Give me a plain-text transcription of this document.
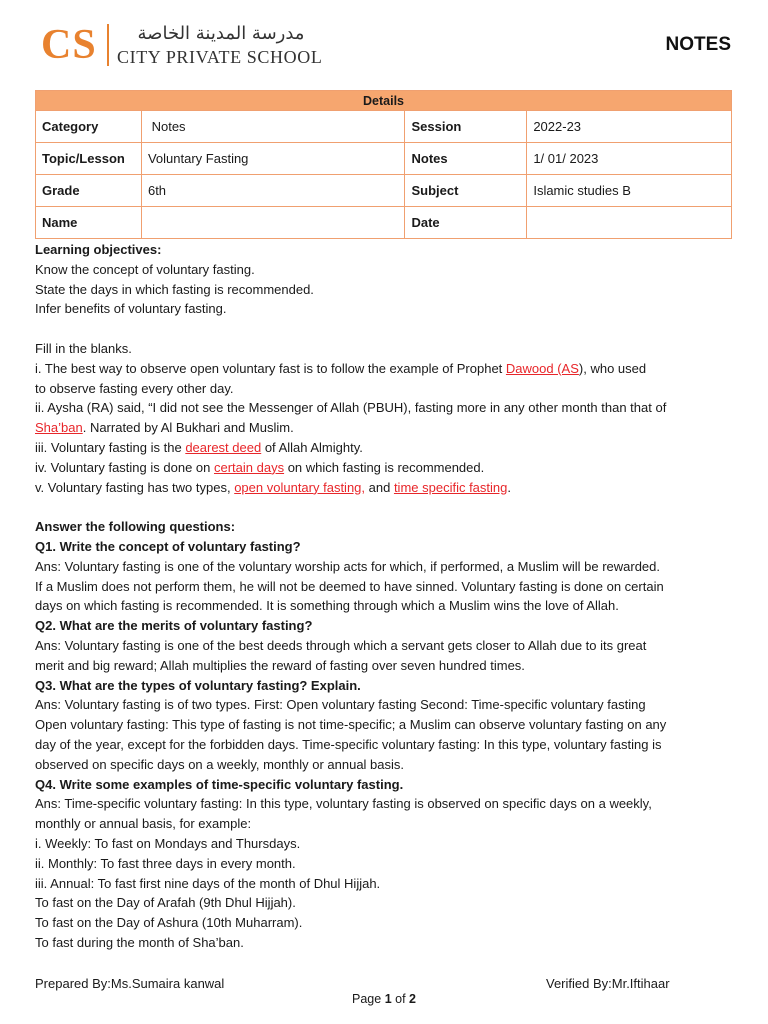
CS	مدرسة المدينة الخاصة
CITY PRIVATE SCHOOL
NOTES
Details			
Category	Notes	Session	2022-23
Topic/Lesson	Voluntary Fasting	Notes	1/ 01/ 2023
Grade	6th	Subject	Islamic studies B
Name		Date	

Learning objectives:

Know the concept of voluntary fasting.

State the days in which fasting is recommended.

Infer benefits of voluntary fasting.

Fill in the blanks.

i. The best way to observe open voluntary fast is to follow the example of Prophet Dawood (AS), who used

to observe fasting every other day.

ii. Aysha (RA) said, “I did not see the Messenger of Allah (PBUH), fasting more in any other month than that of

Sha’ban. Narrated by Al Bukhari and Muslim.

iii. Voluntary fasting is the dearest deed of Allah Almighty.

iv. Voluntary fasting is done on certain days on which fasting is recommended.

v. Voluntary fasting has two types, open voluntary fasting, and time specific fasting.

Answer the following questions:

Q1. Write the concept of voluntary fasting?

Ans: Voluntary fasting is one of the voluntary worship acts for which, if performed, a Muslim will be rewarded.

If a Muslim does not perform them, he will not be deemed to have sinned. Voluntary fasting is done on certain

days on which fasting is recommended. It is something through which a Muslim wins the love of Allah.

Q2. What are the merits of voluntary fasting?

Ans: Voluntary fasting is one of the best deeds through which a servant gets closer to Allah due to its great

merit and big reward; Allah multiplies the reward of fasting over seven hundred times.

Q3. What are the types of voluntary fasting? Explain.

Ans: Voluntary fasting is of two types. First: Open voluntary fasting Second: Time-specific voluntary fasting

Open voluntary fasting: This type of fasting is not time-specific; a Muslim can observe voluntary fasting on any

day of the year, except for the forbidden days. Time-specific voluntary fasting: In this type, voluntary fasting is

observed on specific days on a weekly, monthly or annual basis.

Q4. Write some examples of time-specific voluntary fasting.

Ans: Time-specific voluntary fasting: In this type, voluntary fasting is observed on specific days on a weekly,

monthly or annual basis, for example:

i. Weekly: To fast on Mondays and Thursdays.

ii. Monthly: To fast three days in every month.

iii. Annual: To fast first nine days of the month of Dhul Hijjah.

To fast on the Day of Arafah (9th Dhul Hijjah).

To fast on the Day of Ashura (10th Muharram).

To fast during the month of Sha’ban.

Prepared By:Ms.Sumaira kanwal	Verified By:Mr.Iftihaar
Page 1 of 2
